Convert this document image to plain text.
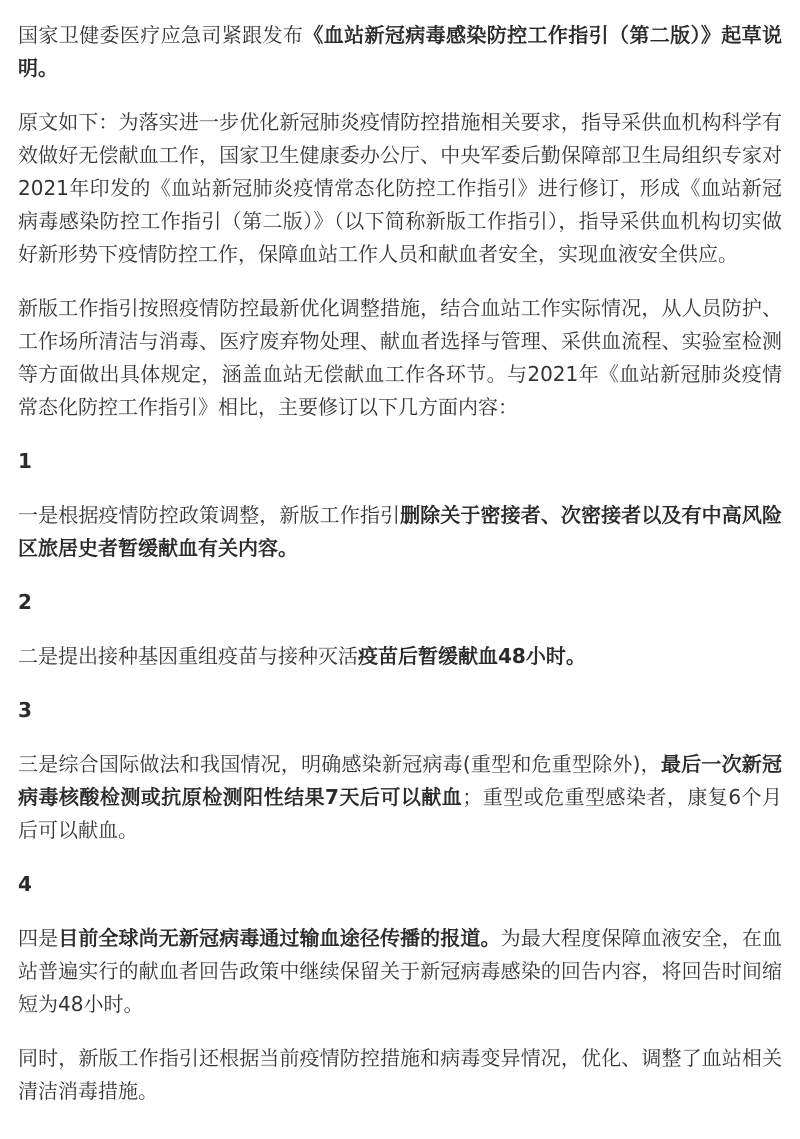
国家卫健委医疗应急司紧跟发布《血站新冠病毒感染防控工作指引（第二版）》起草说明。

原文如下：为落实进一步优化新冠肺炎疫情防控措施相关要求，指导采供血机构科学有效做好无偿献血工作，国家卫生健康委办公厅、中央军委后勤保障部卫生局组织专家对2021年印发的《血站新冠肺炎疫情常态化防控工作指引》进行修订，形成《血站新冠病毒感染防控工作指引（第二版）》（以下简称新版工作指引），指导采供血机构切实做好新形势下疫情防控工作，保障血站工作人员和献血者安全，实现血液安全供应。

新版工作指引按照疫情防控最新优化调整措施，结合血站工作实际情况，从人员防护、工作场所清洁与消毒、医疗废弃物处理、献血者选择与管理、采供血流程、实验室检测等方面做出具体规定，涵盖血站无偿献血工作各环节。与2021年《血站新冠肺炎疫情常态化防控工作指引》相比，主要修订以下几方面内容：

1

一是根据疫情防控政策调整，新版工作指引删除关于密接者、次密接者以及有中高风险区旅居史者暂缓献血有关内容。

2

二是提出接种基因重组疫苗与接种灭活疫苗后暂缓献血48小时。

3

三是综合国际做法和我国情况，明确感染新冠病毒(重型和危重型除外)，最后一次新冠病毒核酸检测或抗原检测阳性结果7天后可以献血；重型或危重型感染者，康复6个月后可以献血。

4

四是目前全球尚无新冠病毒通过输血途径传播的报道。为最大程度保障血液安全，在血站普遍实行的献血者回告政策中继续保留关于新冠病毒感染的回告内容，将回告时间缩短为48小时。

同时，新版工作指引还根据当前疫情防控措施和病毒变异情况，优化、调整了血站相关清洁消毒措施。
